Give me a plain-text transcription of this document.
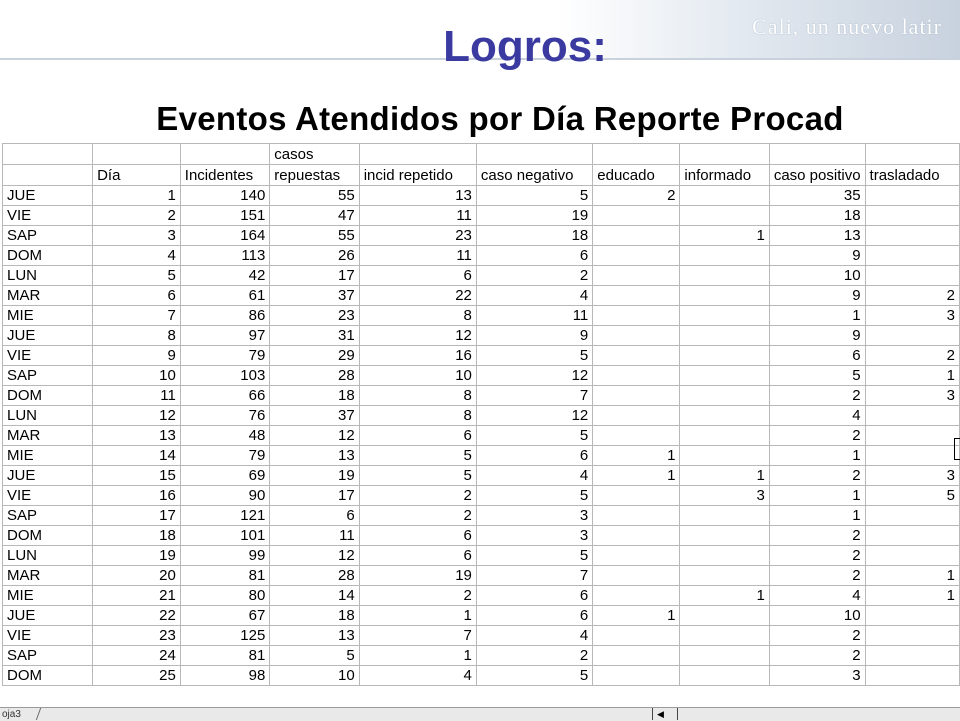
Cali, un nuevo latir
Logros:
Eventos Atendidos por Día Reporte Procad
			casos						
	Día	Incidentes	repuestas	incid repetido	caso negativo	educado	informado	caso positivo	trasladado
JUE	1	140	55	13	5	2		35	
VIE	2	151	47	11	19			18	
SAP	3	164	55	23	18		1	13	
DOM	4	113	26	11	6			9	
LUN	5	42	17	6	2			10	
MAR	6	61	37	22	4			9	2
MIE	7	86	23	8	11			1	3
JUE	8	97	31	12	9			9	
VIE	9	79	29	16	5			6	2
SAP	10	103	28	10	12			5	1
DOM	11	66	18	8	7			2	3
LUN	12	76	37	8	12			4	
MAR	13	48	12	6	5			2	
MIE	14	79	13	5	6	1		1	
JUE	15	69	19	5	4	1	1	2	3
VIE	16	90	17	2	5		3	1	5
SAP	17	121	6	2	3			1	
DOM	18	101	11	6	3			2	
LUN	19	99	12	6	5			2	
MAR	20	81	28	19	7			2	1
MIE	21	80	14	2	6		1	4	1
JUE	22	67	18	1	6	1		10	
VIE	23	125	13	7	4			2	
SAP	24	81	5	1	2			2	
DOM	25	98	10	4	5			3	
oja3	◀
